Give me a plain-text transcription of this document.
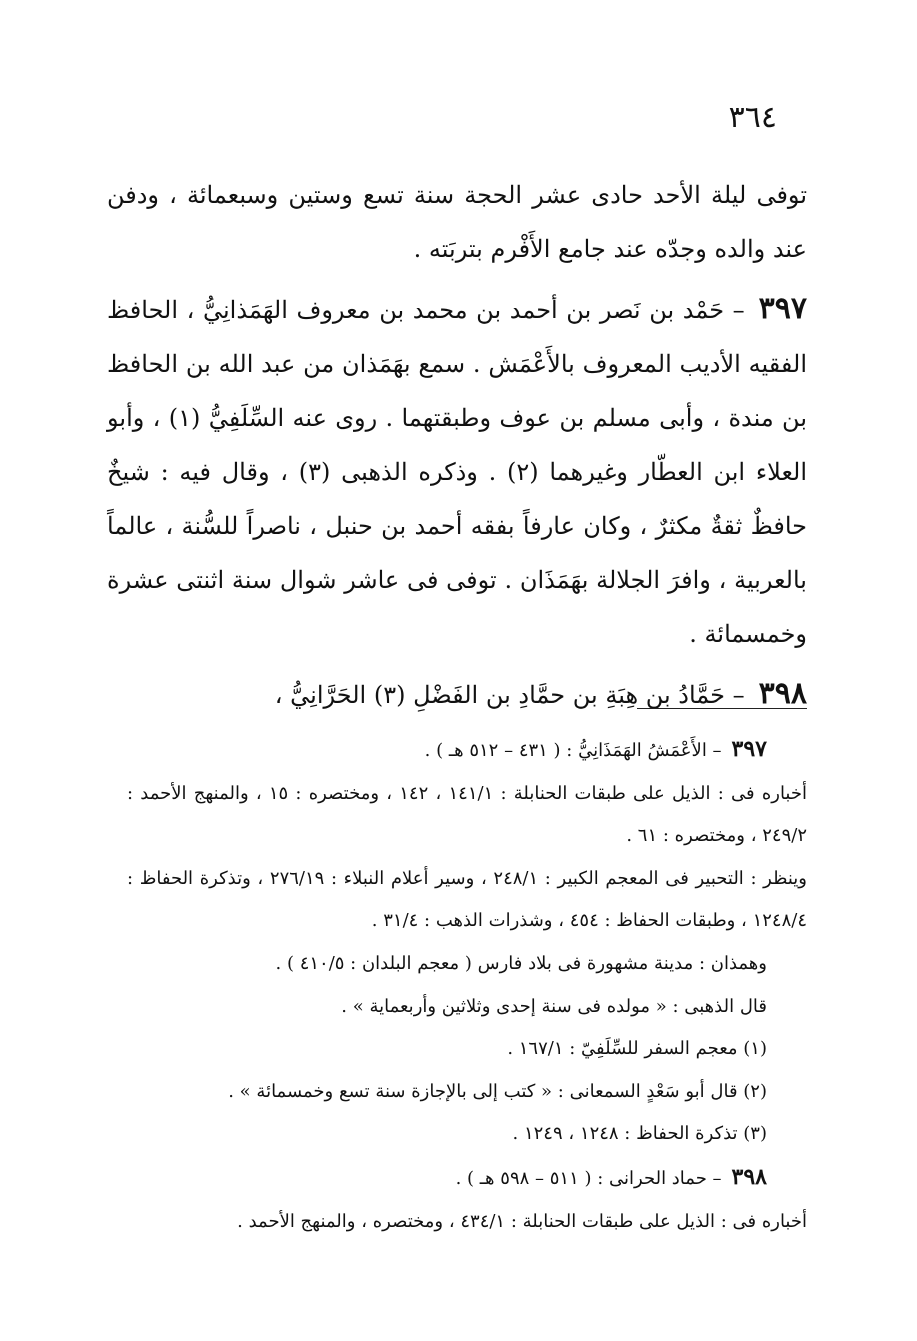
٣٦٤

توفى ليلة الأحد حادى عشر الحجة سنة تسع وستين وسبعمائة ، ودفن عند والده وجدّه عند جامع الأَفْرم بتربَته .

٣٩٧– حَمْد بن نَصر بن أحمد بن محمد بن معروف الهَمَذانِيُّ ، الحافظ الفقيه الأديب المعروف بالأَعْمَش . سمع بهَمَذان من عبد الله بن الحافظ بن مندة ، وأبى مسلم بن عوف وطبقتهما . روى عنه السِّلَفِيُّ (١) ، وأبو العلاء ابن العطّار وغيرهما (٢) . وذكره الذهبى (٣) ، وقال فيه : شيخٌ حافظٌ ثقةٌ مكثرٌ ، وكان عارفاً بفقه أحمد بن حنبل ، ناصراً للسُّنة ، عالماً بالعربية ، وافرَ الجلالة بهَمَذَان . توفى فى عاشر شوال سنة اثنتى عشرة وخمسمائة .

٣٩٨– حَمَّادُ بن هِبَةِ بن حمَّادِ بن الفَضْلِ (٣) الحَرَّانِيُّ ،

٣٩٧– الأَعْمَشُ الهَمَذَانِيُّ : ( ٤٣١ – ٥١٢ هـ ) .

أخباره فى : الذيل على طبقات الحنابلة : ١٤١/١ ، ١٤٢ ، ومختصره : ١٥ ، والمنهج الأحمد : ٢٤٩/٢ ، ومختصره : ٦١ .

وينظر : التحبير فى المعجم الكبير : ٢٤٨/١ ، وسير أعلام النبلاء : ٢٧٦/١٩ ، وتذكرة الحفاظ : ١٢٤٨/٤ ، وطبقات الحفاظ : ٤٥٤ ، وشذرات الذهب : ٣١/٤ .

وهمذان : مدينة مشهورة فى بلاد فارس ( معجم البلدان : ٤١٠/٥ ) .

قال الذهبى : « مولده فى سنة إحدى وثلاثين وأربعماية » .

(١) معجم السفر للسِّلَفِيّ : ١٦٧/١ .

(٢) قال أبو سَعْدٍ السمعانى : « كتب إلى بالإجازة سنة تسع وخمسمائة » .

(٣) تذكرة الحفاظ : ١٢٤٨ ، ١٢٤٩ .

٣٩٨– حماد الحرانى : ( ٥١١ – ٥٩٨ هـ ) .

أخباره فى : الذيل على طبقات الحنابلة : ٤٣٤/١ ، ومختصره ، والمنهج الأحمد .
